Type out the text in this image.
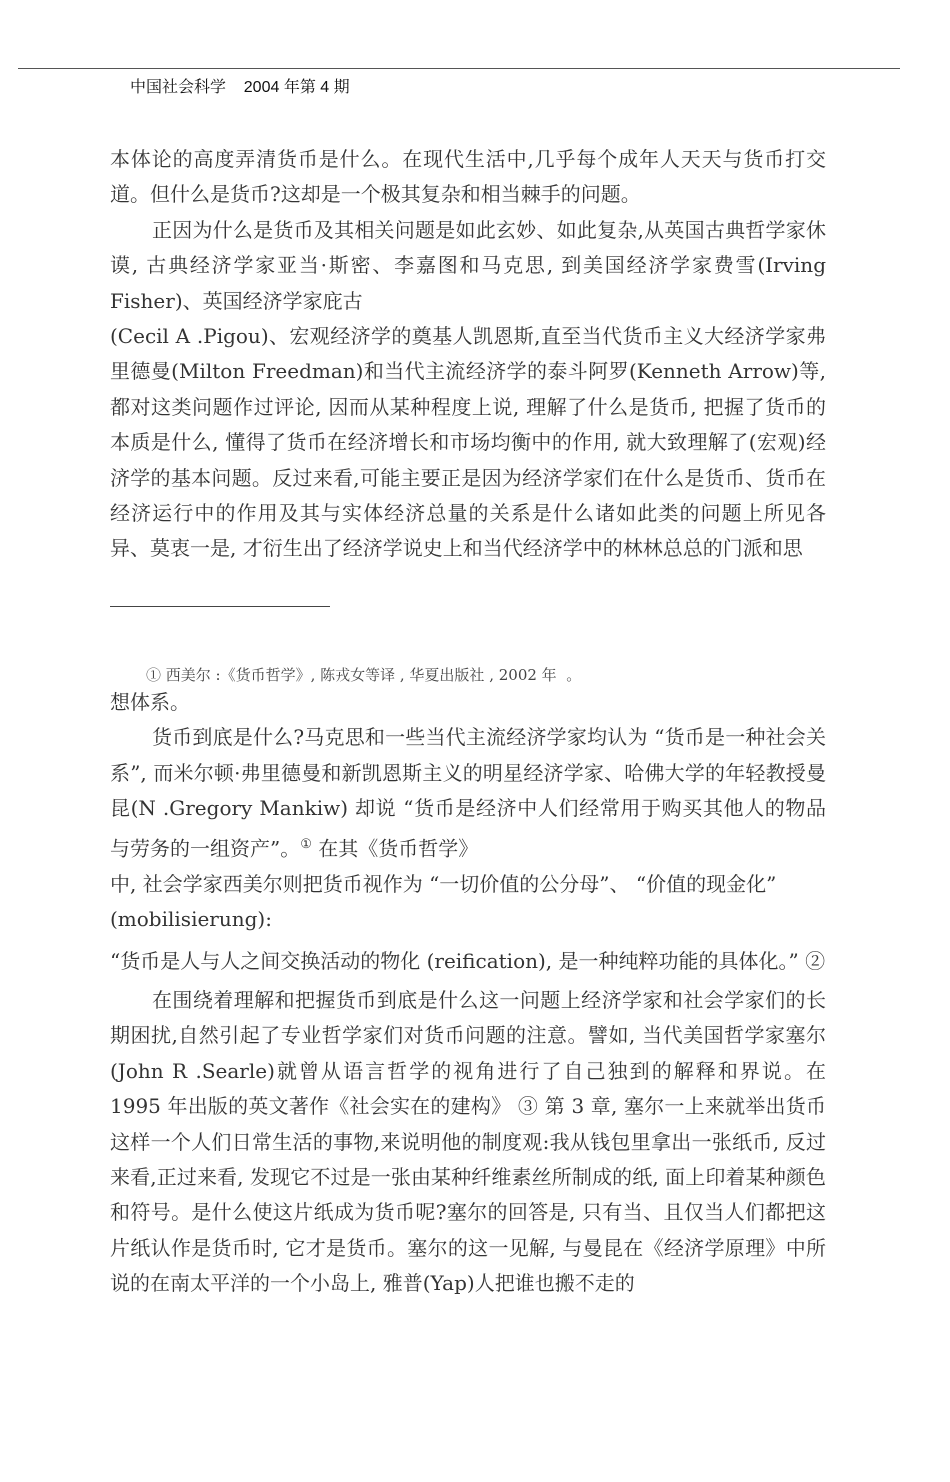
中国社会科学    2004 年第 4 期

本体论的高度弄清货币是什么。在现代生活中,几乎每个成年人天天与货币打交道。但什么是货币?这却是一个极其复杂和相当棘手的问题。

正因为什么是货币及其相关问题是如此玄妙、如此复杂,从英国古典哲学家休谟, 古典经济学家亚当·斯密、李嘉图和马克思, 到美国经济学家费雪(Irving Fisher)、英国经济学家庇古

(Cecil A .Pigou)、宏观经济学的奠基人凯恩斯,直至当代货币主义大经济学家弗里德曼(Milton Freedman)和当代主流经济学的泰斗阿罗(Kenneth Arrow)等, 都对这类问题作过评论, 因而从某种程度上说, 理解了什么是货币, 把握了货币的本质是什么, 懂得了货币在经济增长和市场均衡中的作用, 就大致理解了(宏观)经济学的基本问题。反过来看,可能主要正是因为经济学家们在什么是货币、货币在经济运行中的作用及其与实体经济总量的关系是什么诸如此类的问题上所见各异、莫衷一是, 才衍生出了经济学说史上和当代经济学中的林林总总的门派和思

① 西美尔 :《货币哲学》, 陈戎女等译 , 华夏出版社 , 2002 年  。

想体系。

货币到底是什么?马克思和一些当代主流经济学家均认为 “货币是一种社会关系”, 而米尔顿·弗里德曼和新凯恩斯主义的明星经济学家、哈佛大学的年轻教授曼昆(N .Gregory Mankiw) 却说 “货币是经济中人们经常用于购买其他人的物品与劳务的一组资产”。① 在其《货币哲学》

中, 社会学家西美尔则把货币视作为 “一切价值的公分母”、 “价值的现金化”
(mobilisierung):

“货币是人与人之间交换活动的物化 (reification), 是一种纯粹功能的具体化。” ②

在围绕着理解和把握货币到底是什么这一问题上经济学家和社会学家们的长期困扰,自然引起了专业哲学家们对货币问题的注意。譬如, 当代美国哲学家塞尔(John R .Searle)就曾从语言哲学的视角进行了自己独到的解释和界说。在 1995 年出版的英文著作《社会实在的建构》 ③ 第 3 章, 塞尔一上来就举出货币这样一个人们日常生活的事物,来说明他的制度观:我从钱包里拿出一张纸币, 反过来看,正过来看, 发现它不过是一张由某种纤维素丝所制成的纸, 面上印着某种颜色和符号。是什么使这片纸成为货币呢?塞尔的回答是, 只有当、且仅当人们都把这片纸认作是货币时, 它才是货币。塞尔的这一见解, 与曼昆在《经济学原理》中所说的在南太平洋的一个小岛上, 雅普(Yap)人把谁也搬不走的
